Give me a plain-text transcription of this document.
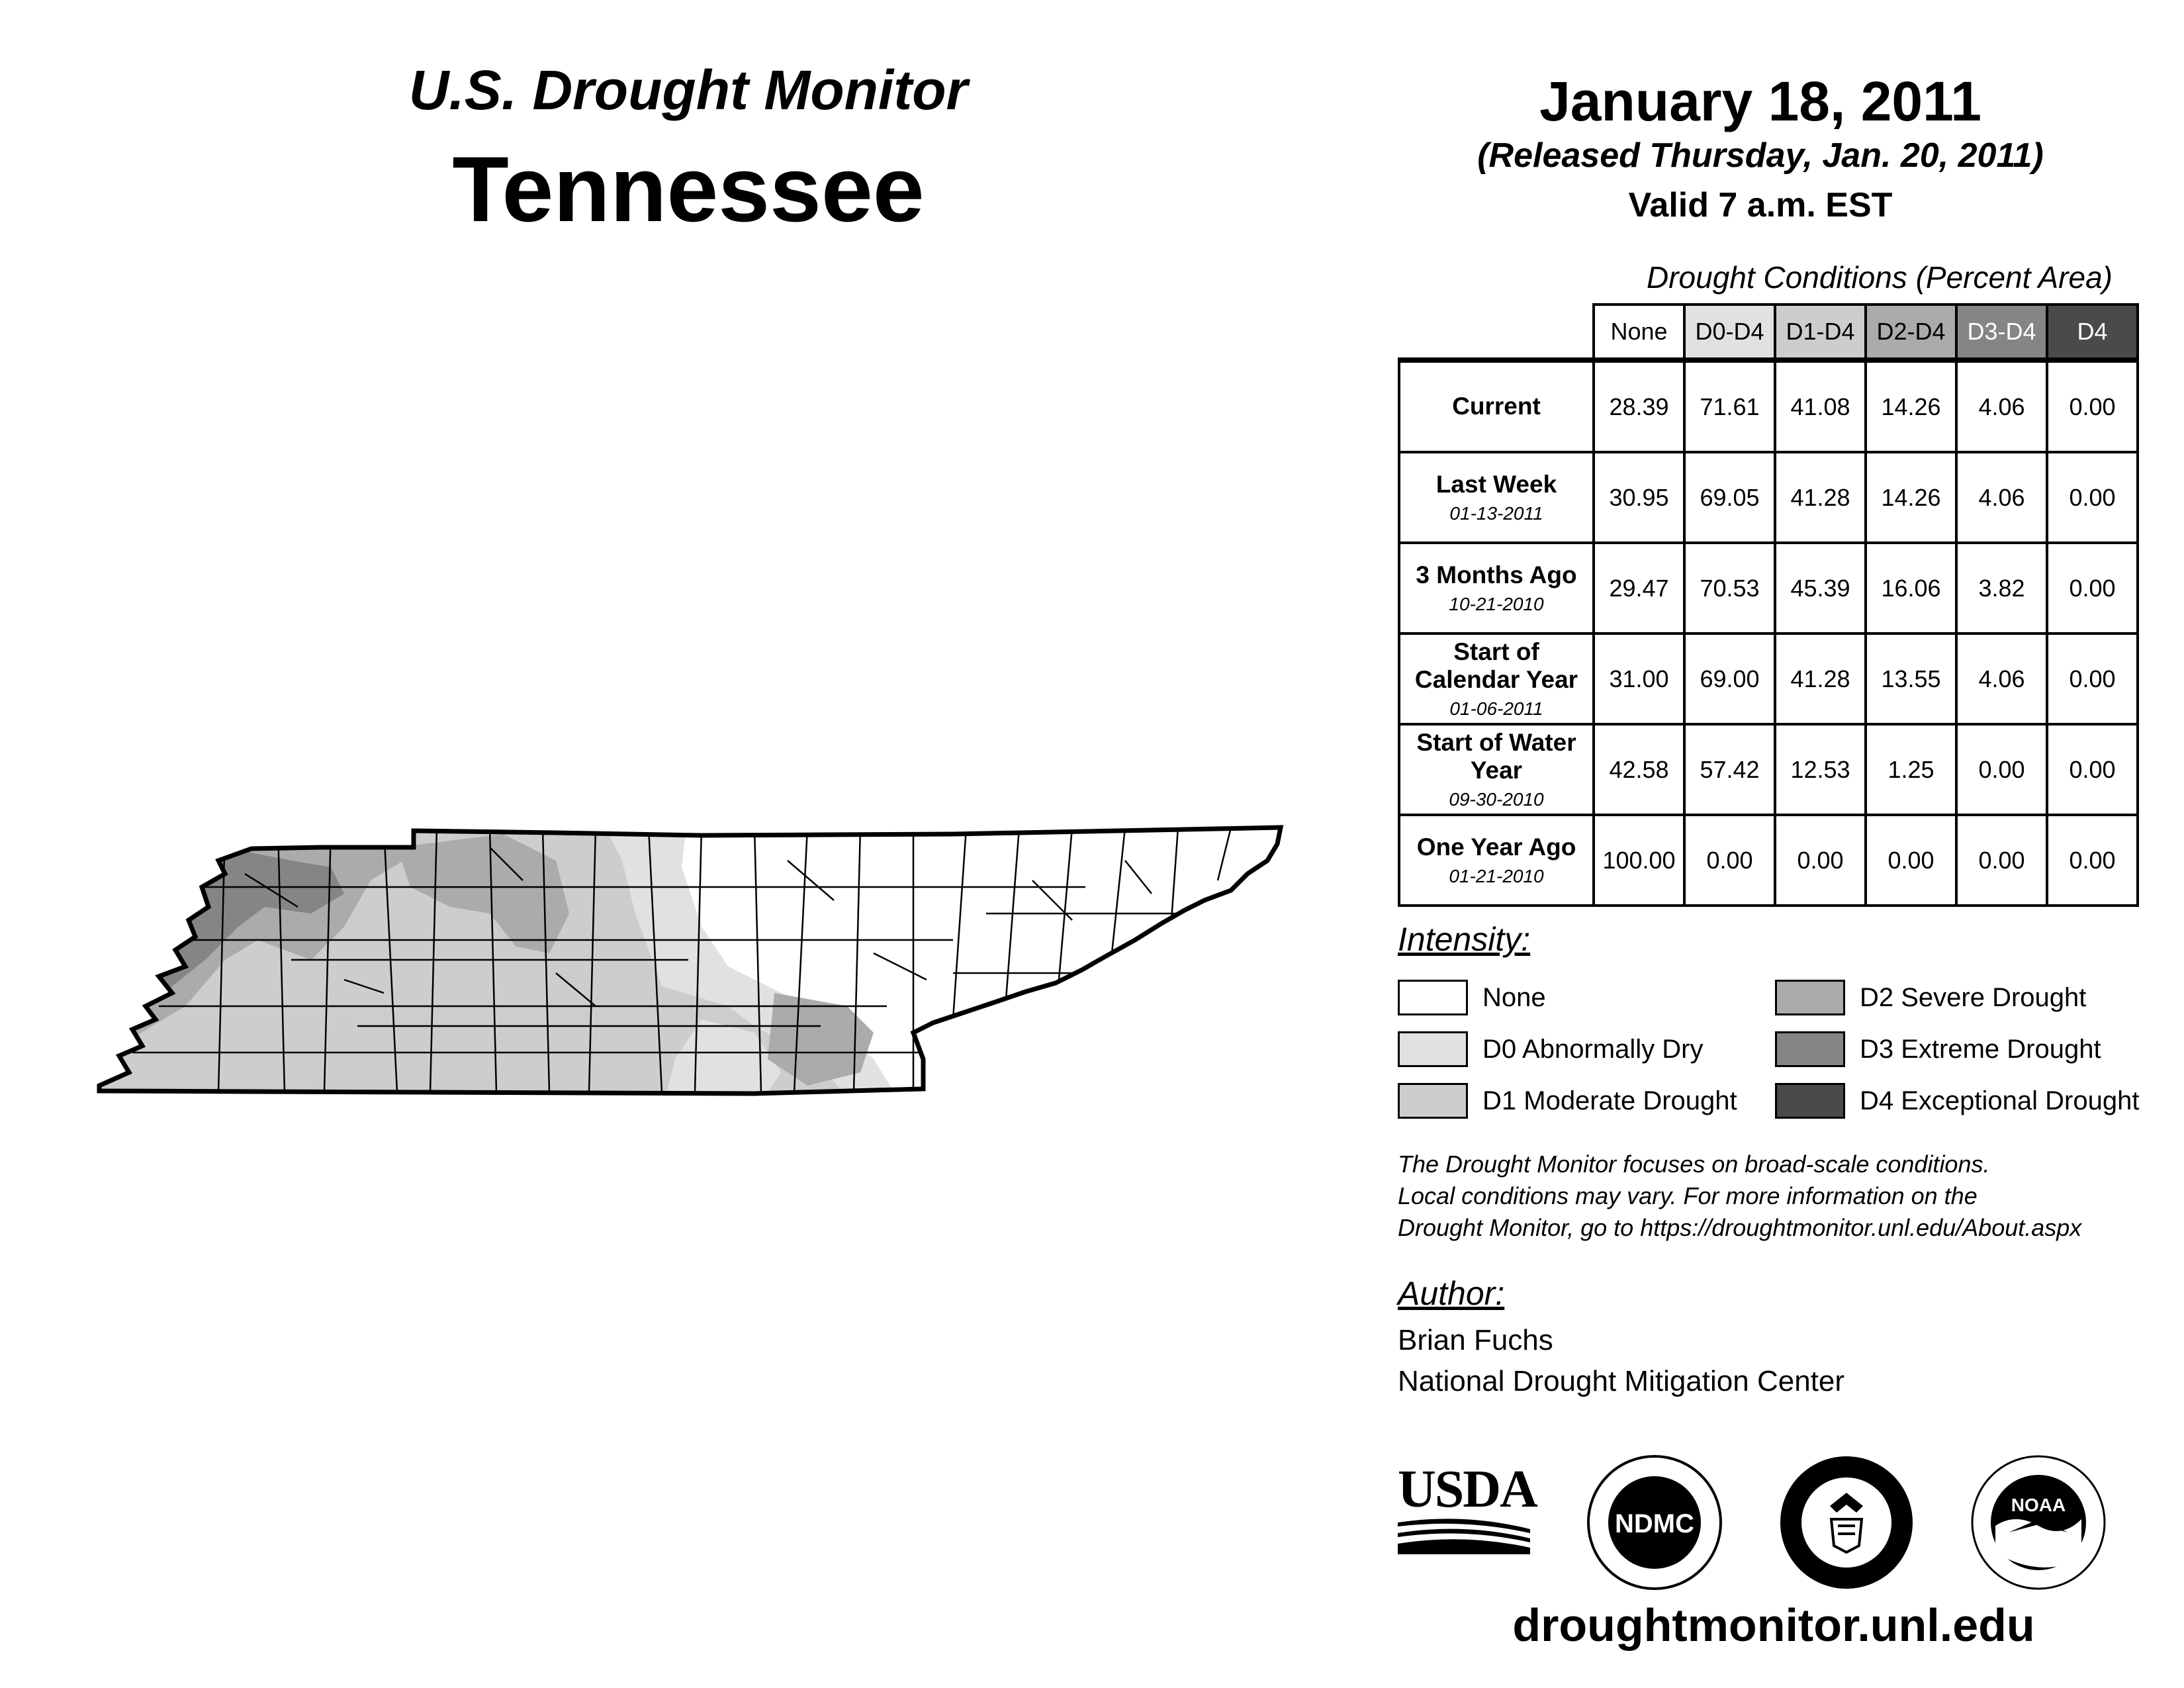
U.S. Drought Monitor
Tennessee
January 18, 2011
(Released Thursday, Jan. 20, 2011)
Valid 7 a.m. EST
Drought Conditions (Percent Area)
	None	D0-D4	D1-D4	D2-D4	D3-D4	D4
Current	28.39	71.61	41.08	14.26	4.06	0.00
Last Week
01-13-2011	30.95	69.05	41.28	14.26	4.06	0.00
3 Months Ago
10-21-2010	29.47	70.53	45.39	16.06	3.82	0.00
Start of Calendar Year
01-06-2011	31.00	69.00	41.28	13.55	4.06	0.00
Start of Water Year
09-30-2010	42.58	57.42	12.53	1.25	0.00	0.00
One Year Ago
01-21-2010	100.00	0.00	0.00	0.00	0.00	0.00
Intensity:
None
D0 Abnormally Dry
D1 Moderate Drought
D2 Severe Drought
D3 Extreme Drought
D4 Exceptional Drought
The Drought Monitor focuses on broad-scale conditions.
Local conditions may vary. For more information on the
Drought Monitor, go to https://droughtmonitor.unl.edu/About.aspx
Author:
Brian Fuchs
National Drought Mitigation Center
USDA
NDMC
NOAA
droughtmonitor.unl.edu
